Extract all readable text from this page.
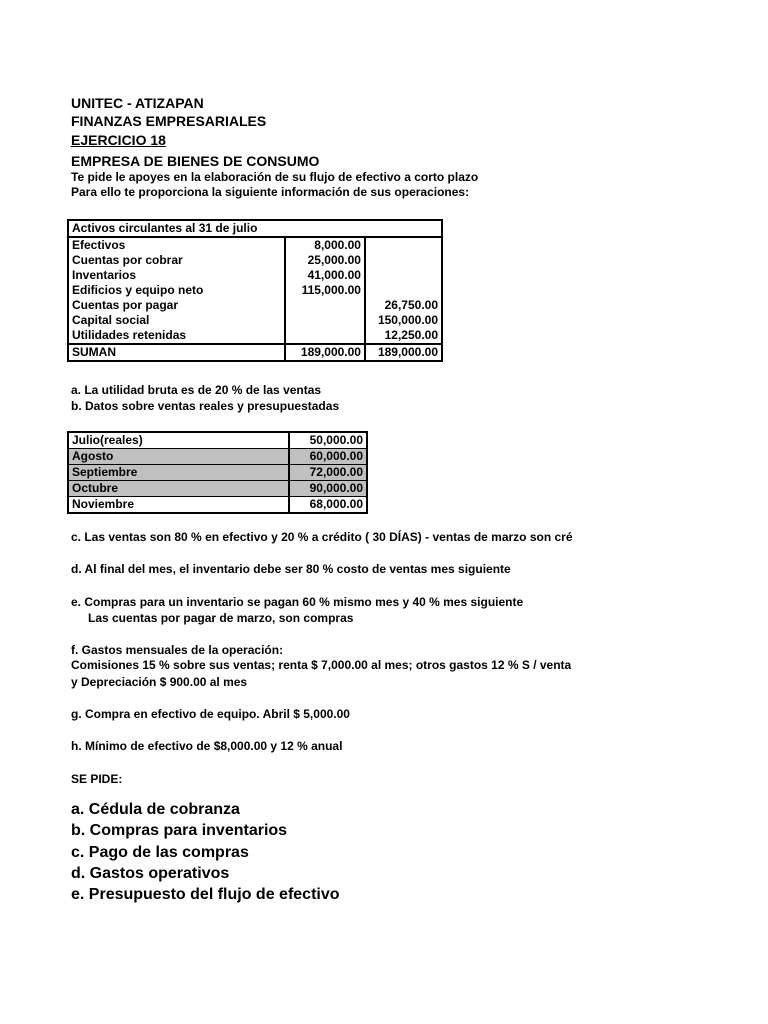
UNITEC - ATIZAPAN
FINANZAS EMPRESARIALES
EJERCICIO 18
EMPRESA DE BIENES DE CONSUMO
Te pide le apoyes en la elaboración de su flujo de efectivo a corto plazo
Para ello te proporciona la siguiente información de sus operaciones:
Activos circulantes al 31 de julio		
Efectivos	8,000.00	
Cuentas por cobrar	25,000.00	
Inventarios	41,000.00	
Edificios y equipo neto	115,000.00	
Cuentas por pagar		26,750.00
Capital social		150,000.00
Utilidades retenidas		12,250.00
SUMAN	189,000.00	189,000.00
a. La utilidad bruta es de 20 % de las ventas
b. Datos sobre ventas reales y presupuestadas
Julio(reales)	50,000.00
Agosto	60,000.00
Septiembre	72,000.00
Octubre	90,000.00
Noviembre	68,000.00
c. Las ventas son 80 % en efectivo y 20 % a crédito ( 30 DÍAS) - ventas de marzo son cré
d. Al final del mes, el inventario debe ser 80 % costo de ventas mes siguiente
e. Compras para un inventario se pagan 60 % mismo mes y 40 % mes siguiente
Las cuentas por pagar de marzo, son compras
f. Gastos mensuales de la operación:
Comisiones 15 % sobre sus ventas; renta $ 7,000.00 al mes; otros gastos 12 % S / venta
y Depreciación $ 900.00 al mes
g. Compra en efectivo de equipo. Abril $ 5,000.00
h. Mínimo de efectivo de $8,000.00 y 12 % anual
SE PIDE:
a. Cédula de cobranza
b. Compras para inventarios
c. Pago de las compras
d. Gastos operativos
e. Presupuesto del flujo de efectivo
